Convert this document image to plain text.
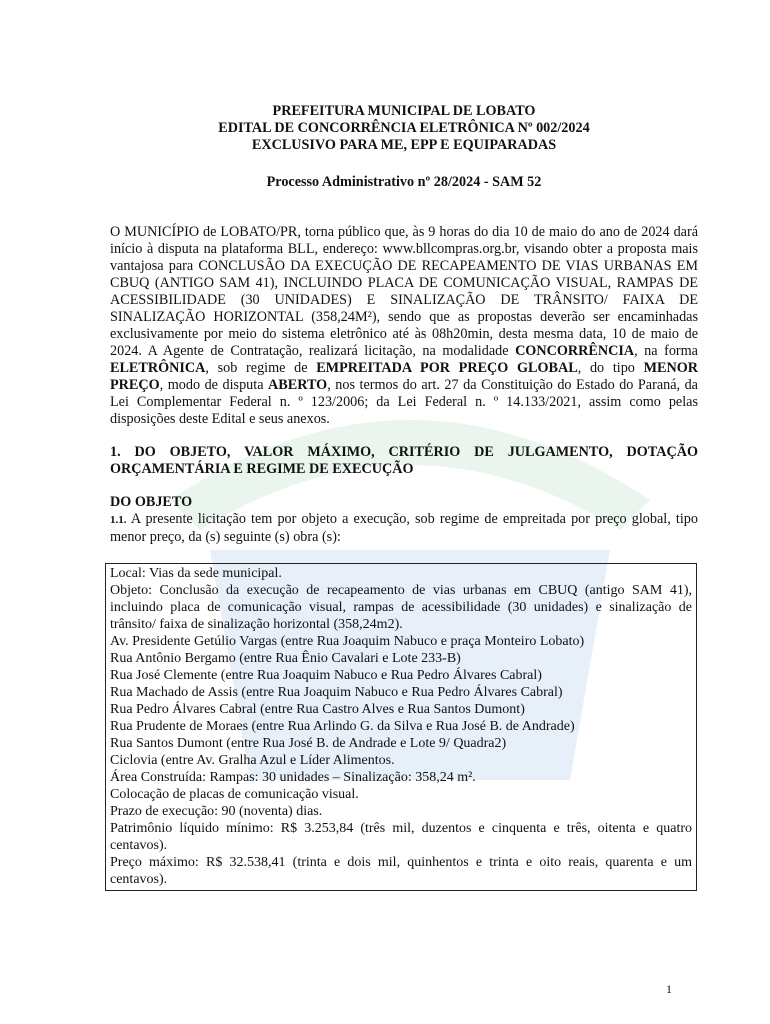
PREFEITURA MUNICIPAL DE LOBATO
EDITAL DE CONCORRÊNCIA ELETRÔNICA Nº 002/2024
EXCLUSIVO PARA ME, EPP E EQUIPARADAS
Processo Administrativo nº 28/2024 - SAM 52

O MUNICÍPIO de LOBATO/PR, torna público que, às 9 horas do dia 10 de maio do ano de 2024 dará início à disputa na plataforma BLL, endereço: www.bllcompras.org.br, visando obter a proposta mais vantajosa para CONCLUSÃO DA EXECUÇÃO DE RECAPEAMENTO DE VIAS URBANAS EM CBUQ (ANTIGO SAM 41), INCLUINDO PLACA DE COMUNICAÇÃO VISUAL, RAMPAS DE ACESSIBILIDADE (30 UNIDADES) E SINALIZAÇÃO DE TRÂNSITO/ FAIXA DE SINALIZAÇÃO HORIZONTAL (358,24M²), sendo que as propostas deverão ser encaminhadas exclusivamente por meio do sistema eletrônico até às 08h20min, desta mesma data, 10 de maio de 2024. A Agente de Contratação, realizará licitação, na modalidade CONCORRÊNCIA, na forma ELETRÔNICA, sob regime de EMPREITADA POR PREÇO GLOBAL, do tipo MENOR PREÇO, modo de disputa ABERTO, nos termos do art. 27 da Constituição do Estado do Paraná, da Lei Complementar Federal n. º 123/2006; da Lei Federal n. º 14.133/2021, assim como pelas disposições deste Edital e seus anexos.

1. DO OBJETO, VALOR MÁXIMO, CRITÉRIO DE JULGAMENTO, DOTAÇÃO ORÇAMENTÁRIA E REGIME DE EXECUÇÃO
DO OBJETO
1.1. A presente licitação tem por objeto a execução, sob regime de empreitada por preço global, tipo menor preço, da (s) seguinte (s) obra (s):
Local: Vias da sede municipal.
Objeto: Conclusão da execução de recapeamento de vias urbanas em CBUQ (antigo SAM 41), incluindo placa de comunicação visual, rampas de acessibilidade (30 unidades) e sinalização de trânsito/ faixa de sinalização horizontal (358,24m2).
Av. Presidente Getúlio Vargas (entre Rua Joaquim Nabuco e praça Monteiro Lobato)
Rua Antônio Bergamo (entre Rua Ênio Cavalari e Lote 233-B)
Rua José Clemente (entre Rua Joaquim Nabuco e Rua Pedro Álvares Cabral)
Rua Machado de Assis (entre Rua Joaquim Nabuco e Rua Pedro Álvares Cabral)
Rua Pedro Álvares Cabral (entre Rua Castro Alves e Rua Santos Dumont)
Rua Prudente de Moraes (entre Rua Arlindo G. da Silva e Rua José B. de Andrade)
Rua Santos Dumont (entre Rua José B. de Andrade e Lote 9/ Quadra2)
Ciclovia (entre Av. Gralha Azul e Líder Alimentos.
Área Construída: Rampas: 30 unidades – Sinalização: 358,24 m².
Colocação de placas de comunicação visual.
Prazo de execução: 90 (noventa) dias.
Patrimônio líquido mínimo: R$ 3.253,84 (três mil, duzentos e cinquenta e três, oitenta e quatro centavos).
Preço máximo: R$ 32.538,41 (trinta e dois mil, quinhentos e trinta e oito reais, quarenta e um centavos).
1
